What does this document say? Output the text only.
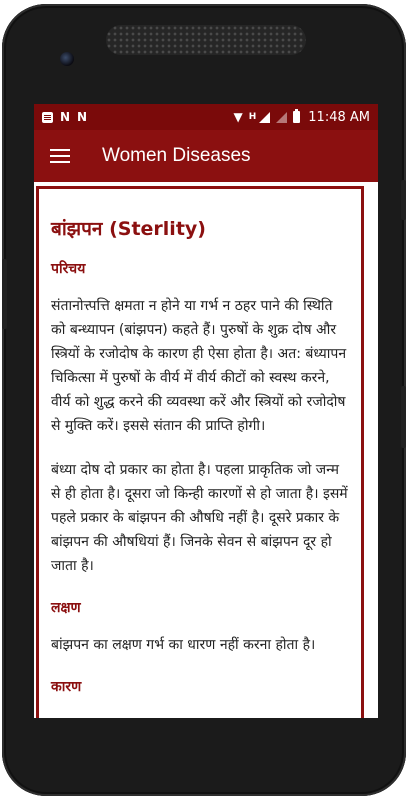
N N	▼ H	11:48 AM
Women Diseases
बांझपन (Sterlity)
परिचय

संतानोत्त्पत्ति क्षमता न होने या गर्भ न ठहर पाने की स्थिति को बन्ध्यापन (बांझपन) कहते हैं। पुरुषों के शुक्र दोष और स्त्रियों के रजोदोष के कारण ही ऐसा होता है। अत: बंध्यापन चिकित्सा में पुरुषों के वीर्य में वीर्य कीटों को स्वस्थ करने, वीर्य को शुद्ध करने की व्यवस्था करें और स्त्रियों को रजोदोष से मुक्ति करें। इससे संतान की प्राप्ति होगी।

बंध्या दोष दो प्रकार का होता है। पहला प्राकृतिक जो जन्म से ही होता है। दूसरा जो किन्ही कारणों से हो जाता है। इसमें पहले प्रकार के बांझपन की औषधि नहीं है। दूसरे प्रकार के बांझपन की औषधियां हैं। जिनके सेवन से बांझपन दूर हो जाता है।

लक्षण

बांझपन का लक्षण गर्भ का धारण नहीं करना होता है।

कारण
